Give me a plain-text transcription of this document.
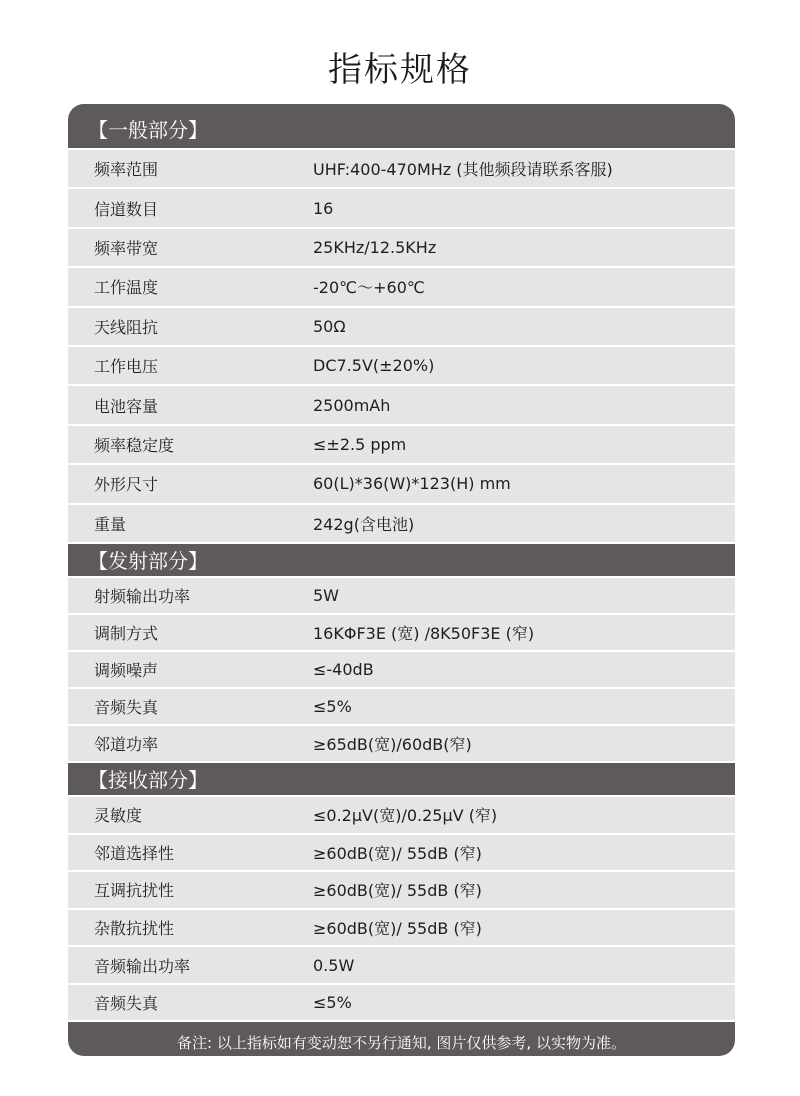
指标规格
【一般部分】
频率范围	UHF:400-470MHz (其他频段请联系客服)
信道数目	16
频率带宽	25KHz/12.5KHz
工作温度	-20℃～+60℃
天线阻抗	50Ω
工作电压	DC7.5V(±20%)
电池容量	2500mAh
频率稳定度	≤±2.5 ppm
外形尺寸	60(L)*36(W)*123(H) mm
重量	242g(含电池)
【发射部分】
射频输出功率	5W
调制方式	16KΦF3E (宽) /8K50F3E (窄)
调频噪声	≤-40dB
音频失真	≤5%
邻道功率	≥65dB(宽)/60dB(窄)
【接收部分】
灵敏度	≤0.2μV(宽)/0.25μV (窄)
邻道选择性	≥60dB(宽)/ 55dB (窄)
互调抗扰性	≥60dB(宽)/ 55dB (窄)
杂散抗扰性	≥60dB(宽)/ 55dB (窄)
音频输出功率	0.5W
音频失真	≤5%
备注: 以上指标如有变动恕不另行通知, 图片仅供参考, 以实物为准。
